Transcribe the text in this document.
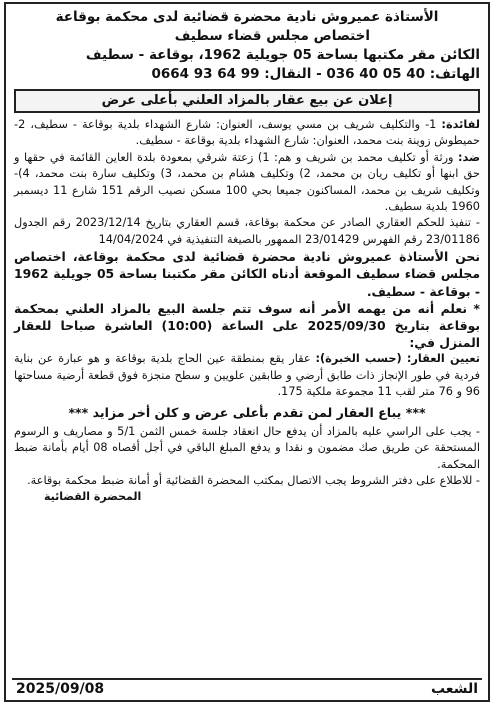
الأستاذة عميروش نادية محضرة قضائية لدى محكمة بوقاعة
اختصاص مجلس قضاء سطيف
الكائن مقر مكتبها بساحة 05 جويلية 1962، بوقاعة - سطيف
الهاتف: 40 05 40 036 - النقال: 99 64 93 0664
إعلان عن بيع عقار بالمزاد العلني بأعلى عرض

لفائدة: 1- والتكليف شريف بن مسي يوسف، العنوان: شارع الشهداء بلدية بوقاعة - سطيف، 2- حميطوش زوينة بنت محمد، العنوان: شارع الشهداء بلدية بوقاعة - سطيف.

ضد: ورثة أو تكليف محمد بن شريف و هم: 1) زعتة شرقي بمعودة بلدة العاين القائمة في حقها و حق ابنها أو تكليف ريان بن محمد، 2) وتكليف هشام بن محمد، 3) وتكليف سارة بنت محمد، 4)- وتكليف شريف بن محمد، المساكنون جميعا بحي 100 مسكن نصيب الرقم 151 شارع 11 ديسمبر 1960 بلدية سطيف.

- تنفيذ للحكم العقاري الصادر عن محكمة بوقاعة، قسم العقاري بتاريخ 2023/12/14 رقم الجدول 23/01186 رقم الفهرس 23/01429 الممهور بالصيغة التنفيذية في 14/04/2024

نحن الأستاذة عميروش نادية محضرة قضائية لدى محكمة بوقاعة، اختصاص مجلس قضاء سطيف الموقعة أدناه الكائن مقر مكتبنا بساحة 05 جويلية 1962 - بوقاعة - سطيف.

* نعلم أنه من يهمه الأمر أنه سوف تتم جلسة البيع بالمزاد العلني بمحكمة بوقاعة بتاريخ 2025/09/30 على الساعة (10:00) العاشرة صباحا للعقار المنزل في:

تعيين العقار: (حسب الخبرة): عقار يقع بمنطقة عين الحاج بلدية بوقاعة و هو عبارة عن بناية فردية في طور الإنجاز ذات طابق أرضي و طابقين علويين و سطح منجزة فوق قطعة أرضية مساحتها 96 و 76 متر لقب 11 مجموعة ملكية 175.

*** يباع العقار لمن تقدم بأعلى عرض و كلن أخر مزايد ***

- يجب على الراسي عليه بالمزاد أن يدفع حال انعقاد جلسة خمس الثمن 5/1 و مصاريف و الرسوم المستحقة عن طريق صك مضمون و نقدا و يدفع المبلغ الباقي في أجل أقصاه 08 أيام بأمانة ضبط المحكمة.

- للاطلاع على دفتر الشروط يجب الاتصال بمكتب المحضرة القضائية أو أمانة ضبط محكمة بوقاعة.

المحضرة القضائية
الشعب
2025/09/08
